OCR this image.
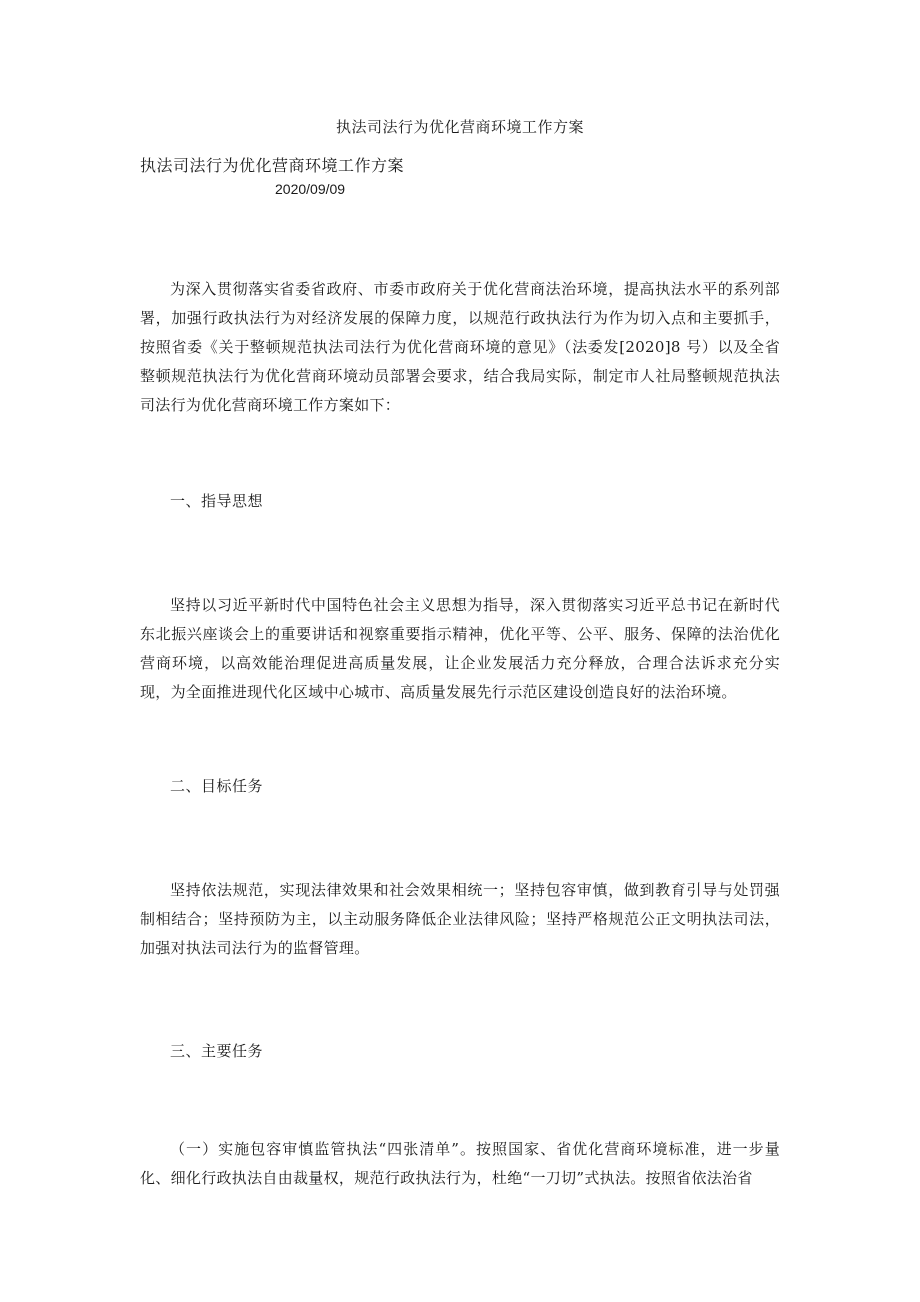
执法司法行为优化营商环境工作方案
执法司法行为优化营商环境工作方案
2020/09/09

为深入贯彻落实省委省政府、市委市政府关于优化营商法治环境，提高执法水平的系列部署，加强行政执法行为对经济发展的保障力度，以规范行政执法行为作为切入点和主要抓手，按照省委《关于整顿规范执法司法行为优化营商环境的意见》（法委发[2020]8 号）以及全省整顿规范执法行为优化营商环境动员部署会要求，结合我局实际，制定市人社局整顿规范执法司法行为优化营商环境工作方案如下：

一、指导思想

坚持以习近平新时代中国特色社会主义思想为指导，深入贯彻落实习近平总书记在新时代东北振兴座谈会上的重要讲话和视察重要指示精神，优化平等、公平、服务、保障的法治优化营商环境，以高效能治理促进高质量发展，让企业发展活力充分释放，合理合法诉求充分实现，为全面推进现代化区域中心城市、高质量发展先行示范区建设创造良好的法治环境。

二、目标任务

坚持依法规范，实现法律效果和社会效果相统一；坚持包容审慎，做到教育引导与处罚强制相结合；坚持预防为主，以主动服务降低企业法律风险；坚持严格规范公正文明执法司法，加强对执法司法行为的监督管理。

三、主要任务

（一）实施包容审慎监管执法“四张清单”。按照国家、省优化营商环境标准，进一步量化、细化行政执法自由裁量权，规范行政执法行为，杜绝“一刀切”式执法。按照省依法治省
